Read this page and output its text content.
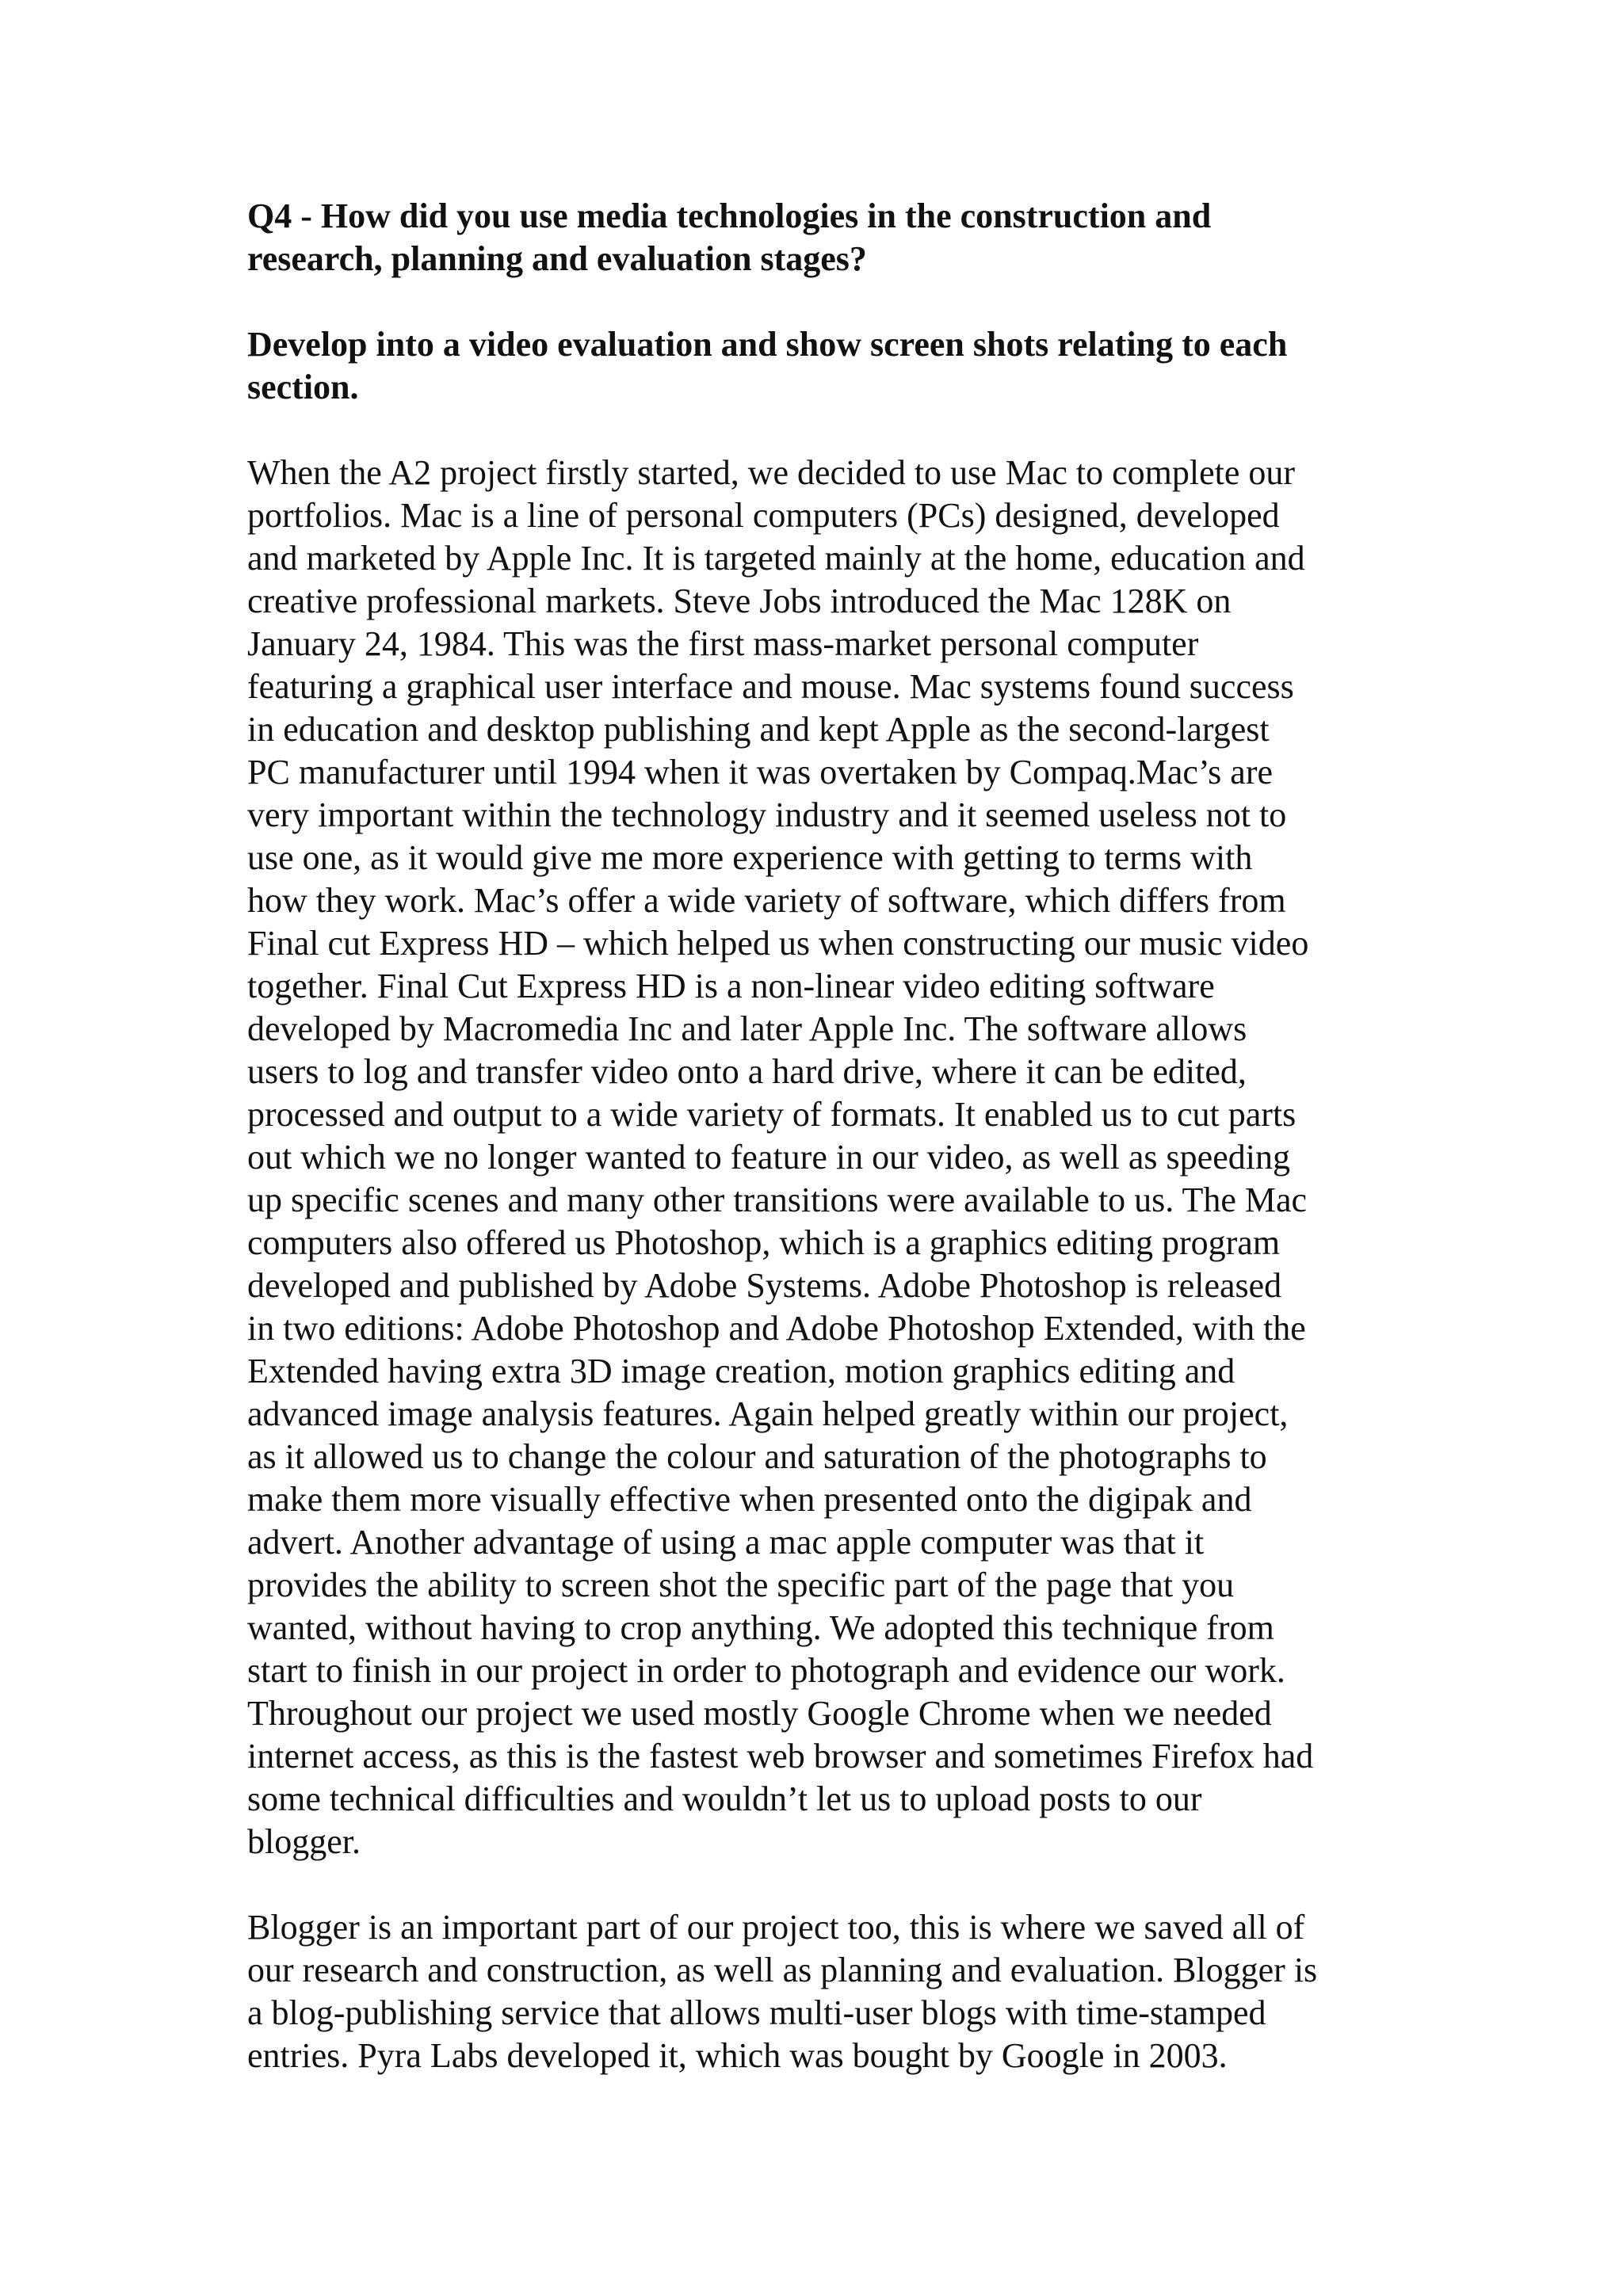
Q4 - How did you use media technologies in the construction and
research, planning and evaluation stages?
Develop into a video evaluation and show screen shots relating to each
section.
When the A2 project firstly started, we decided to use Mac to complete our
portfolios. Mac is a line of personal computers (PCs) designed, developed
and marketed by Apple Inc. It is targeted mainly at the home, education and
creative professional markets. Steve Jobs introduced the Mac 128K on
January 24, 1984. This was the first mass-market personal computer
featuring a graphical user interface and mouse. Mac systems found success
in education and desktop publishing and kept Apple as the second-largest
PC manufacturer until 1994 when it was overtaken by Compaq.Mac’s are
very important within the technology industry and it seemed useless not to
use one, as it would give me more experience with getting to terms with
how they work. Mac’s offer a wide variety of software, which differs from
Final cut Express HD – which helped us when constructing our music video
together. Final Cut Express HD is a non-linear video editing software
developed by Macromedia Inc and later Apple Inc. The software allows
users to log and transfer video onto a hard drive, where it can be edited,
processed and output to a wide variety of formats. It enabled us to cut parts
out which we no longer wanted to feature in our video, as well as speeding
up specific scenes and many other transitions were available to us. The Mac
computers also offered us Photoshop, which is a graphics editing program
developed and published by Adobe Systems. Adobe Photoshop is released
in two editions: Adobe Photoshop and Adobe Photoshop Extended, with the
Extended having extra 3D image creation, motion graphics editing and
advanced image analysis features. Again helped greatly within our project,
as it allowed us to change the colour and saturation of the photographs to
make them more visually effective when presented onto the digipak and
advert. Another advantage of using a mac apple computer was that it
provides the ability to screen shot the specific part of the page that you
wanted, without having to crop anything. We adopted this technique from
start to finish in our project in order to photograph and evidence our work.
Throughout our project we used mostly Google Chrome when we needed
internet access, as this is the fastest web browser and sometimes Firefox had
some technical difficulties and wouldn’t let us to upload posts to our
blogger.
Blogger is an important part of our project too, this is where we saved all of
our research and construction, as well as planning and evaluation. Blogger is
a blog-publishing service that allows multi-user blogs with time-stamped
entries. Pyra Labs developed it, which was bought by Google in 2003.
